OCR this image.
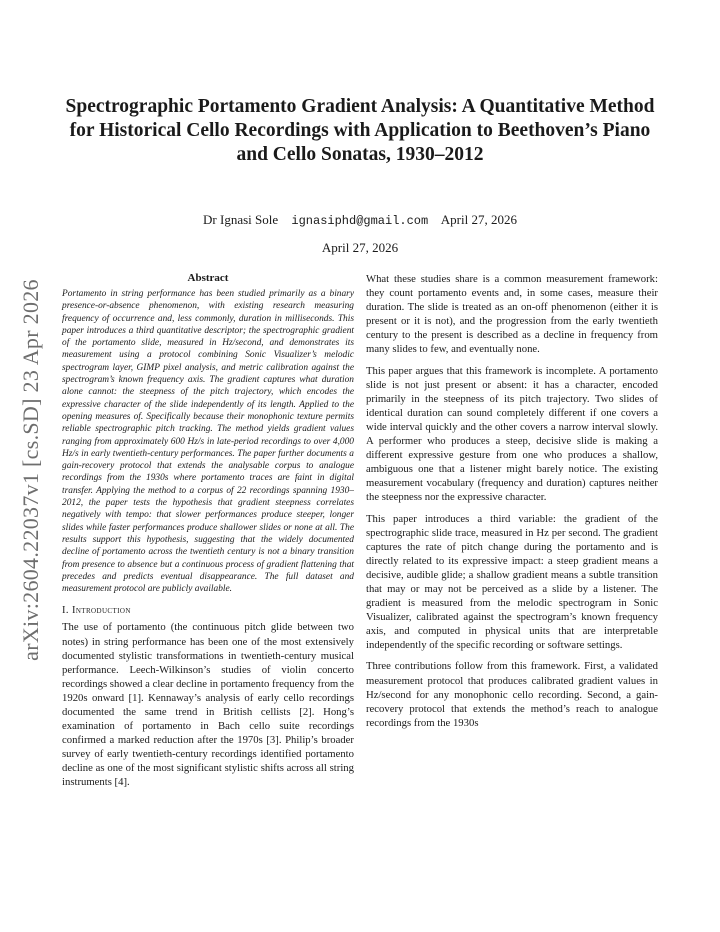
arXiv:2604.22037v1 [cs.SD] 23 Apr 2026
Spectrographic Portamento Gradient Analysis: A Quantitative Method for Historical Cello Recordings with Application to Beethoven’s Piano and Cello Sonatas, 1930–2012
Dr Ignasi Sole ignasiphd@gmail.com April 27, 2026
April 27, 2026
Abstract

Portamento in string performance has been studied primarily as a binary presence-or-absence phenomenon, with existing research measuring frequency of occurrence and, less commonly, duration in milliseconds. This paper introduces a third quantitative descriptor; the spectrographic gradient of the portamento slide, measured in Hz/second, and demonstrates its measurement using a protocol combining Sonic Visualizer’s melodic spectrogram layer, GIMP pixel analysis, and metric calibration against the spectrogram’s known frequency axis. The gradient captures what duration alone cannot: the steepness of the pitch trajectory, which encodes the expressive character of the slide independently of its length. Applied to the opening measures of. Specifically because their monophonic texture permits reliable spectrographic pitch tracking. The method yields gradient values ranging from approximately 600 Hz/s in late-period recordings to over 4,000 Hz/s in early twentieth-century performances. The paper further documents a gain-recovery protocol that extends the analysable corpus to analogue recordings from the 1930s where portamento traces are faint in digital transfer. Applying the method to a corpus of 22 recordings spanning 1930–2012, the paper tests the hypothesis that gradient steepness correlates negatively with tempo: that slower performances produce steeper, longer slides while faster performances produce shallower slides or none at all. The results support this hypothesis, suggesting that the widely documented decline of portamento across the twentieth century is not a binary transition from presence to absence but a continuous process of gradient flattening that precedes and predicts eventual disappearance. The full dataset and measurement protocol are publicly available.

I. Introduction

The use of portamento (the continuous pitch glide between two notes) in string performance has been one of the most extensively documented stylistic transformations in twentieth-century musical performance. Leech-Wilkinson’s studies of violin concerto recordings showed a clear decline in portamento frequency from the 1920s onward [1]. Kennaway’s analysis of early cello recordings documented the same trend in British cellists [2]. Hong’s examination of portamento in Bach cello suite recordings confirmed a marked reduction after the 1970s [3]. Philip’s broader survey of early twentieth-century recordings identified portamento decline as one of the most significant stylistic shifts across all string instruments [4].

What these studies share is a common measurement framework: they count portamento events and, in some cases, measure their duration. The slide is treated as an on-off phenomenon (either it is present or it is not), and the progression from the early twentieth century to the present is described as a decline in frequency from many slides to few, and eventually none.

This paper argues that this framework is incomplete. A portamento slide is not just present or absent: it has a character, encoded primarily in the steepness of its pitch trajectory. Two slides of identical duration can sound completely different if one covers a wide interval quickly and the other covers a narrow interval slowly. A performer who produces a steep, decisive slide is making a different expressive gesture from one who produces a shallow, ambiguous one that a listener might barely notice. The existing measurement vocabulary (frequency and duration) captures neither the steepness nor the expressive character.

This paper introduces a third variable: the gradient of the spectrographic slide trace, measured in Hz per second. The gradient captures the rate of pitch change during the portamento and is directly related to its expressive impact: a steep gradient means a decisive, audible glide; a shallow gradient means a subtle transition that may or may not be perceived as a slide by a listener. The gradient is measured from the melodic spectrogram in Sonic Visualizer, calibrated against the spectrogram’s known frequency axis, and computed in physical units that are interpretable independently of the specific recording or software settings.

Three contributions follow from this framework. First, a validated measurement protocol that produces calibrated gradient values in Hz/second for any monophonic cello recording. Second, a gain-recovery protocol that extends the method’s reach to analogue recordings from the 1930s
